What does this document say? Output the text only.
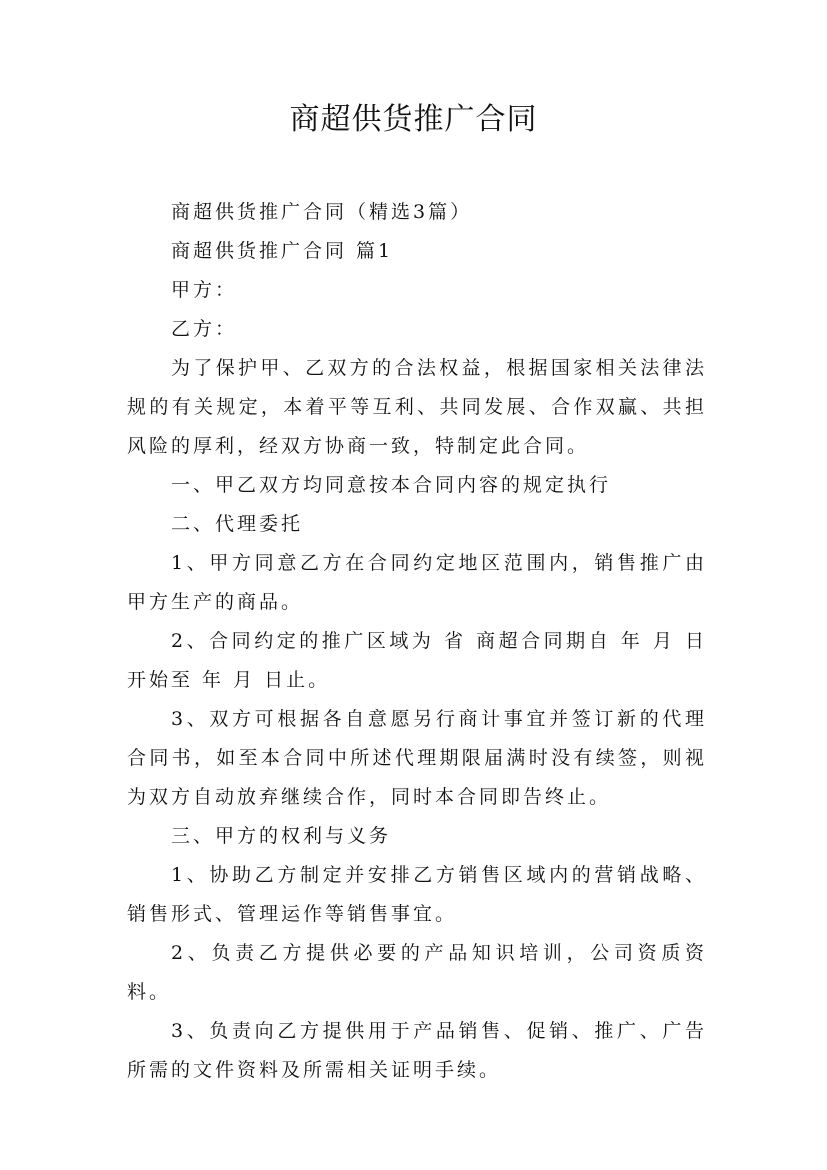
商超供货推广合同

商超供货推广合同（精选3篇）

商超供货推广合同 篇1

甲方：

乙方：

为了保护甲、乙双方的合法权益，根据国家相关法律法规的有关规定，本着平等互利、共同发展、合作双赢、共担风险的厚利，经双方协商一致，特制定此合同。

一、甲乙双方均同意按本合同内容的规定执行

二、代理委托

1、甲方同意乙方在合同约定地区范围内，销售推广由甲方生产的商品。

2、合同约定的推广区域为 省 商超合同期自 年 月 日开始至 年 月 日止。

3、双方可根据各自意愿另行商计事宜并签订新的代理合同书，如至本合同中所述代理期限届满时没有续签，则视为双方自动放弃继续合作，同时本合同即告终止。

三、甲方的权利与义务

1、协助乙方制定并安排乙方销售区域内的营销战略、销售形式、管理运作等销售事宜。

2、负责乙方提供必要的产品知识培训，公司资质资料。

3、负责向乙方提供用于产品销售、促销、推广、广告所需的文件资料及所需相关证明手续。
